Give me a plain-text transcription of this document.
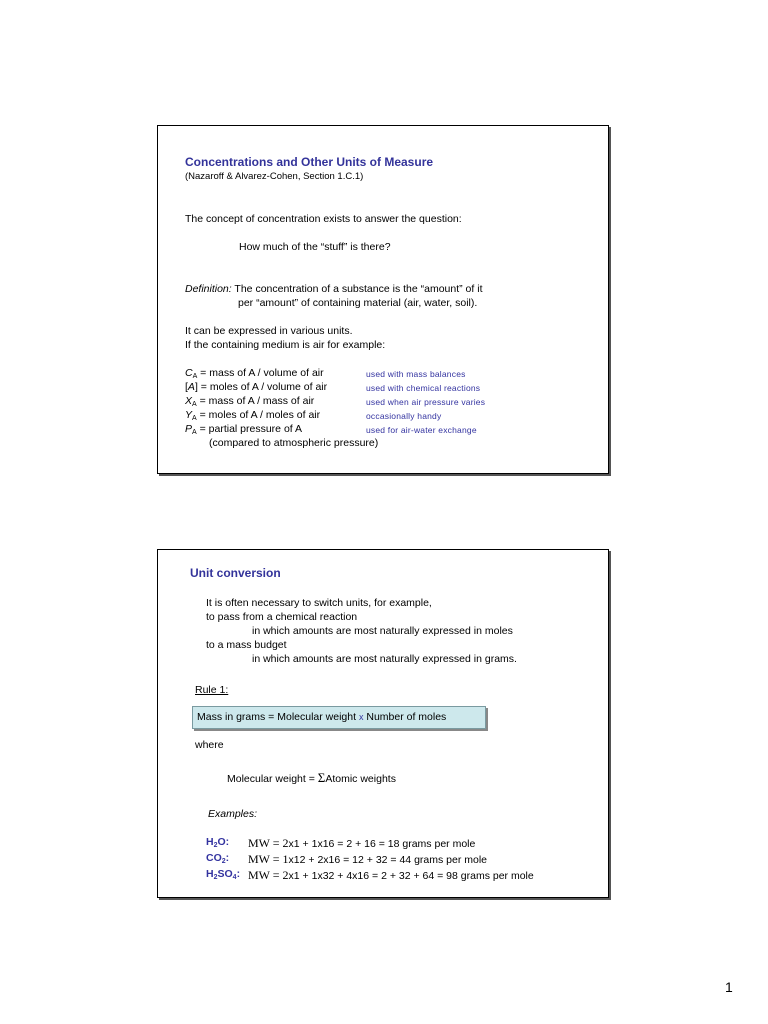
Concentrations and Other Units of Measure
(Nazaroff & Alvarez-Cohen, Section 1.C.1)
The concept of concentration exists to answer the question:
How much of the “stuff” is there?
Definition: The concentration of a substance is the “amount” of it
per “amount” of containing material (air, water, soil).
It can be expressed in various units.
If the containing medium is air for example:
$C_A$ = mass of A / volume of air	used with mass balances
[A] = moles of A / volume of air	used with chemical reactions
$X_A$ = mass of A / mass of air	used when air pressure varies
$Y_A$ = moles of A / moles of air	occasionally handy
$P_A$ = partial pressure of A	used for air-water exchange
(compared to atmospheric pressure)
Unit conversion
It is often necessary to switch units, for example,
to pass from a chemical reaction
in which amounts are most naturally expressed in moles
to a mass budget
in which amounts are most naturally expressed in grams.
Rule 1:
Mass in grams = Molecular weight x Number of moles
where
Molecular weight = ΣAtomic weights
Examples:
$H_2O$: MW = 2x1 + 1x16 = 2 + 16 = 18 grams per mole
$CO_2$: MW = 1x12 + 2x16 = 12 + 32 = 44 grams per mole
$H_2SO_4$: MW = 2x1 + 1x32 + 4x16 = 2 + 32 + 64 = 98 grams per mole
1
